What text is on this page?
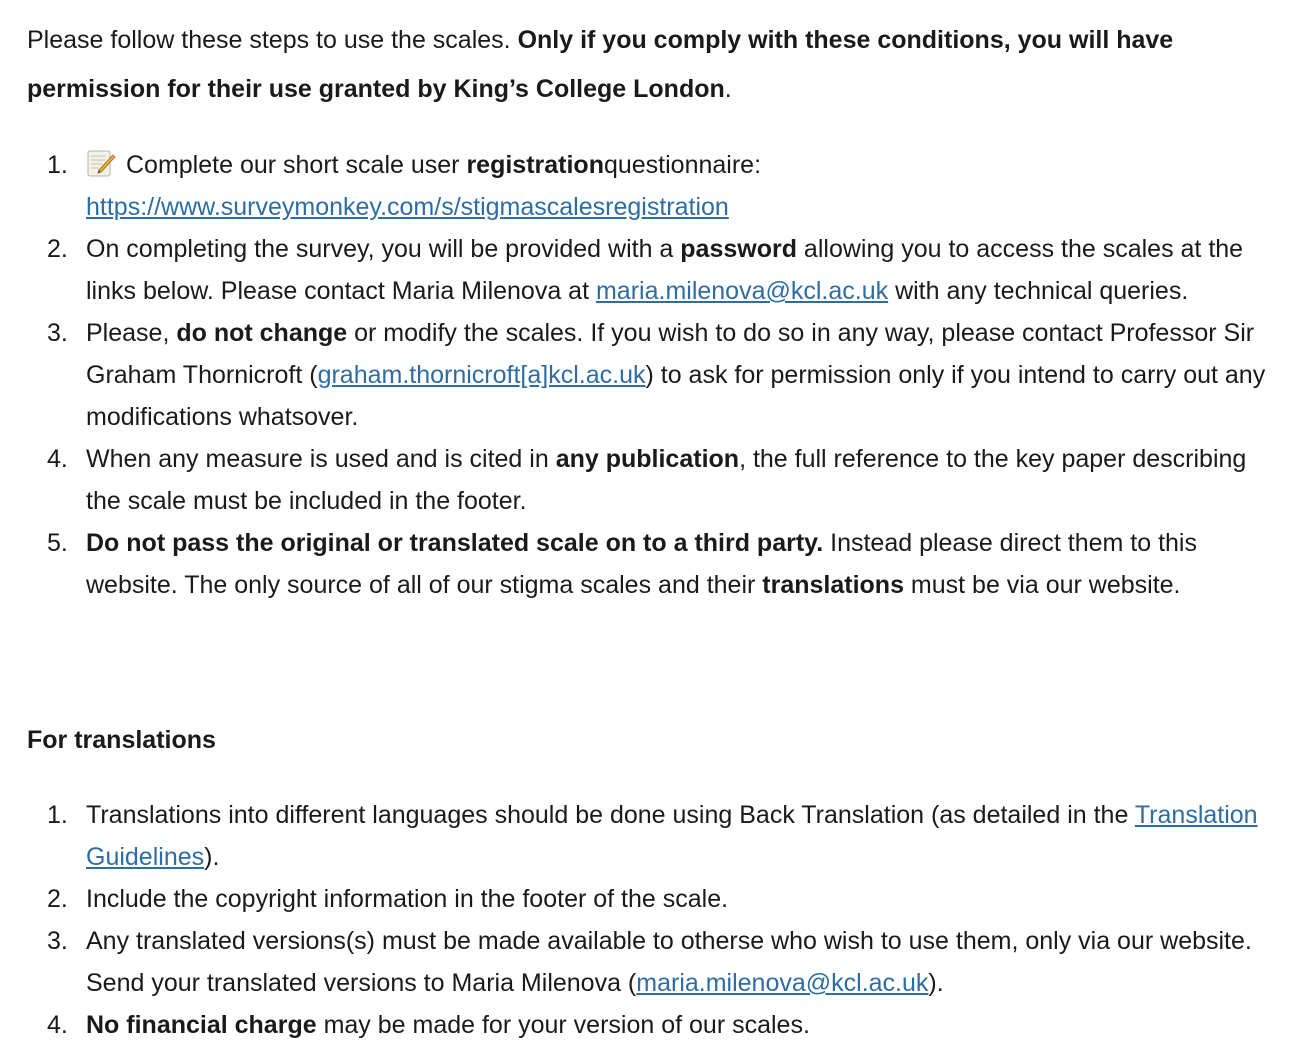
Please follow these steps to use the scales. Only if you comply with these conditions, you will have permission for their use granted by King’s College London.

1. Complete our short scale user registrationquestionnaire: https://www.surveymonkey.com/s/stigmascalesregistration
2. On completing the survey, you will be provided with a password allowing you to access the scales at the links below. Please contact Maria Milenova at maria.milenova@kcl.ac.uk with any technical queries.
3. Please, do not change or modify the scales. If you wish to do so in any way, please contact Professor Sir Graham Thornicroft (graham.thornicroft[a]kcl.ac.uk) to ask for permission only if you intend to carry out any modifications whatsover.
4. When any measure is used and is cited in any publication, the full reference to the key paper describing the scale must be included in the footer.
5. Do not pass the original or translated scale on to a third party. Instead please direct them to this website. The only source of all of our stigma scales and their translations must be via our website.
For translations
1. Translations into different languages should be done using Back Translation (as detailed in the Translation Guidelines).
2. Include the copyright information in the footer of the scale.
3. Any translated versions(s) must be made available to otherse who wish to use them, only via our website. Send your translated versions to Maria Milenova (maria.milenova@kcl.ac.uk).
4. No financial charge may be made for your version of our scales.
